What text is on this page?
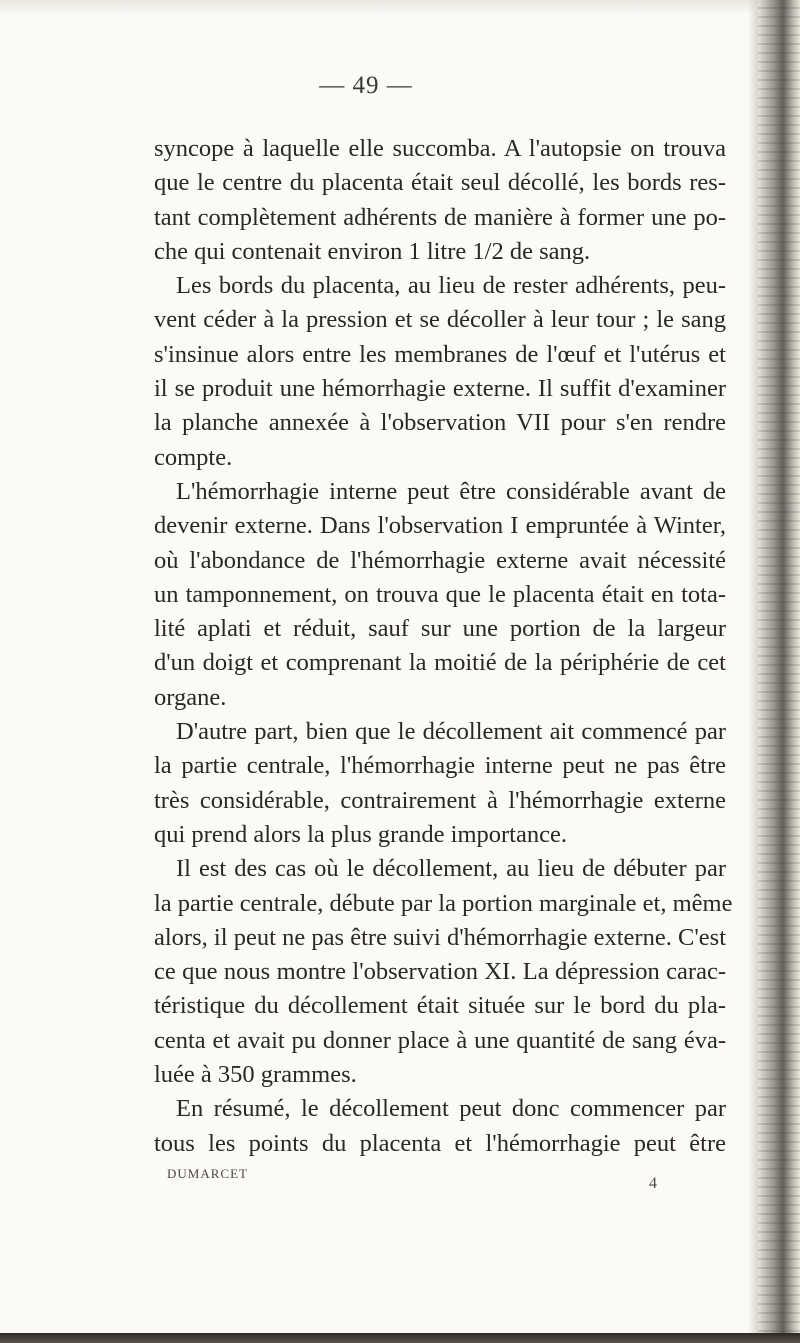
— 49 —
syncope à laquelle elle succomba. A l'autopsie on trouva
que le centre du placenta était seul décollé, les bords res-
tant complètement adhérents de manière à former une po-
che qui contenait environ 1 litre 1/2 de sang.
Les bords du placenta, au lieu de rester adhérents, peu-
vent céder à la pression et se décoller à leur tour ; le sang
s'insinue alors entre les membranes de l'œuf et l'utérus et
il se produit une hémorrhagie externe. Il suffit d'examiner
la planche annexée à l'observation VII pour s'en rendre
compte.
L'hémorrhagie interne peut être considérable avant de
devenir externe. Dans l'observation I empruntée à Winter,
où l'abondance de l'hémorrhagie externe avait nécessité
un tamponnement, on trouva que le placenta était en tota-
lité aplati et réduit, sauf sur une portion de la largeur
d'un doigt et comprenant la moitié de la périphérie de cet
organe.
D'autre part, bien que le décollement ait commencé par
la partie centrale, l'hémorrhagie interne peut ne pas être
très considérable, contrairement à l'hémorrhagie externe
qui prend alors la plus grande importance.
Il est des cas où le décollement, au lieu de débuter par
la partie centrale, débute par la portion marginale et, même
alors, il peut ne pas être suivi d'hémorrhagie externe. C'est
ce que nous montre l'observation XI. La dépression carac-
téristique du décollement était située sur le bord du pla-
centa et avait pu donner place à une quantité de sang éva-
luée à 350 grammes.
En résumé, le décollement peut donc commencer par
tous les points du placenta et l'hémorrhagie peut être
DUMARCET
4
